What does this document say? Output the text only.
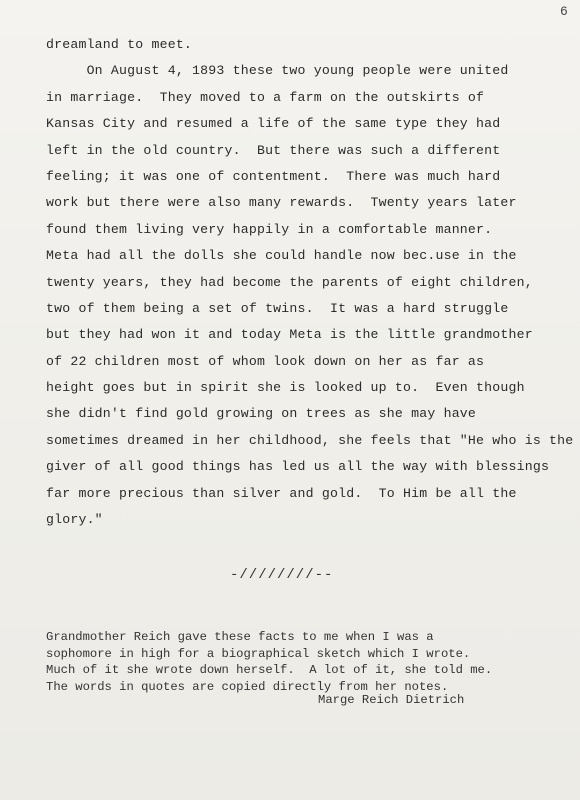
6
dreamland to meet.
On August 4, 1893 these two young people were united
in marriage.  They moved to a farm on the outskirts of
Kansas City and resumed a life of the same type they had
left in the old country.  But there was such a different
feeling; it was one of contentment.  There was much hard
work but there were also many rewards.  Twenty years later
found them living very happily in a comfortable manner.
Meta had all the dolls she could handle now bec.use in the
twenty years, they had become the parents of eight children,
two of them being a set of twins.  It was a hard struggle
but they had won it and today Meta is the little grandmother
of 22 children most of whom look down on her as far as
height goes but in spirit she is looked up to.  Even though
she didn't find gold growing on trees as she may have
sometimes dreamed in her childhood, she feels that "He who is the
giver of all good things has led us all the way with blessings
far more precious than silver and gold.  To Him be all the
glory."
-////////--
Grandmother Reich gave these facts to me when I was a
sophomore in high for a biographical sketch which I wrote.
Much of it she wrote down herself.  A lot of it, she told me.
The words in quotes are copied directly from her notes.
Marge Reich Dietrich
